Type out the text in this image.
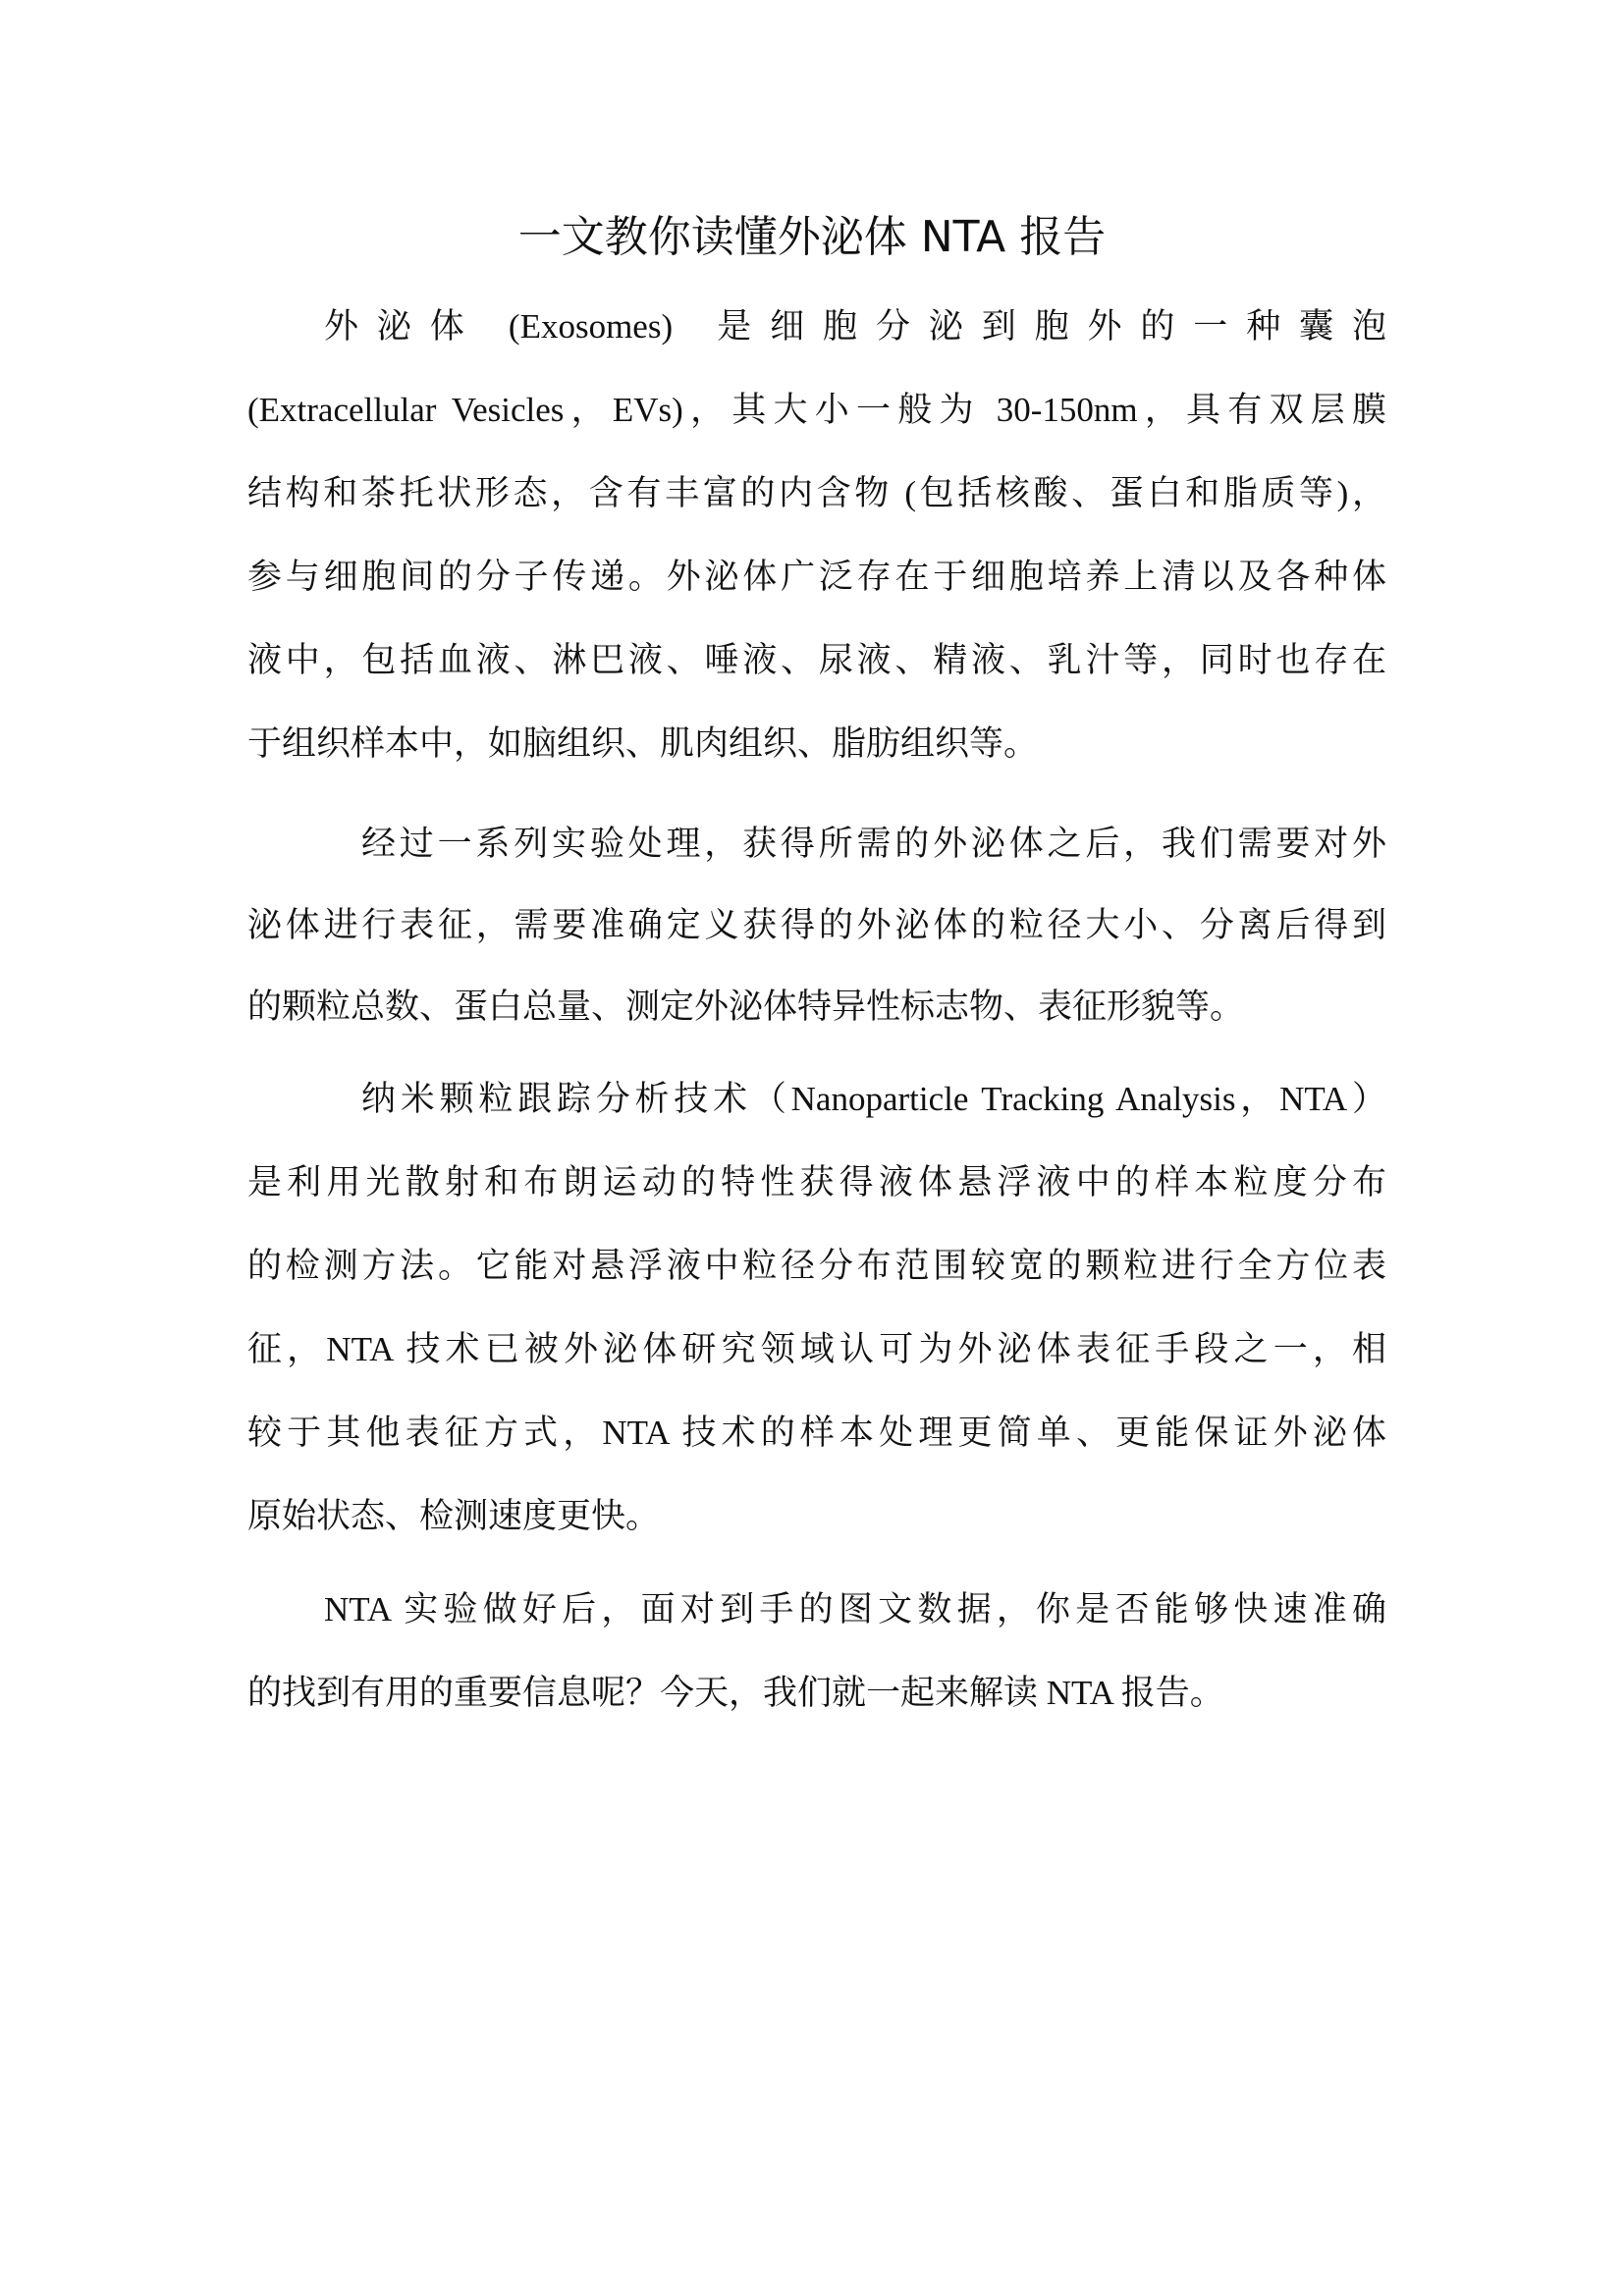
一文教你读懂外泌体 NTA 报告
外 泌 体　(Exosomes)　是 细 胞 分 泌 到 胞 外 的 一 种 囊 泡
(Extracellular Vesicles，EVs)，其大小一般为 30-150nm，具有双层膜
结构和茶托状形态，含有丰富的内含物 (包括核酸、蛋白和脂质等)，
参与细胞间的分子传递。外泌体广泛存在于细胞培养上清以及各种体
液中，包括血液、淋巴液、唾液、尿液、精液、乳汁等，同时也存在
于组织样本中，如脑组织、肌肉组织、脂肪组织等。
经过一系列实验处理，获得所需的外泌体之后，我们需要对外
泌体进行表征，需要准确定义获得的外泌体的粒径大小、分离后得到
的颗粒总数、蛋白总量、测定外泌体特异性标志物、表征形貌等。
纳米颗粒跟踪分析技术（Nanoparticle Tracking Analysis，NTA）
是利用光散射和布朗运动的特性获得液体悬浮液中的样本粒度分布
的检测方法。它能对悬浮液中粒径分布范围较宽的颗粒进行全方位表
征，NTA 技术已被外泌体研究领域认可为外泌体表征手段之一，相
较于其他表征方式，NTA 技术的样本处理更简单、更能保证外泌体
原始状态、检测速度更快。
NTA 实验做好后，面对到手的图文数据，你是否能够快速准确
的找到有用的重要信息呢？今天，我们就一起来解读 NTA 报告。
